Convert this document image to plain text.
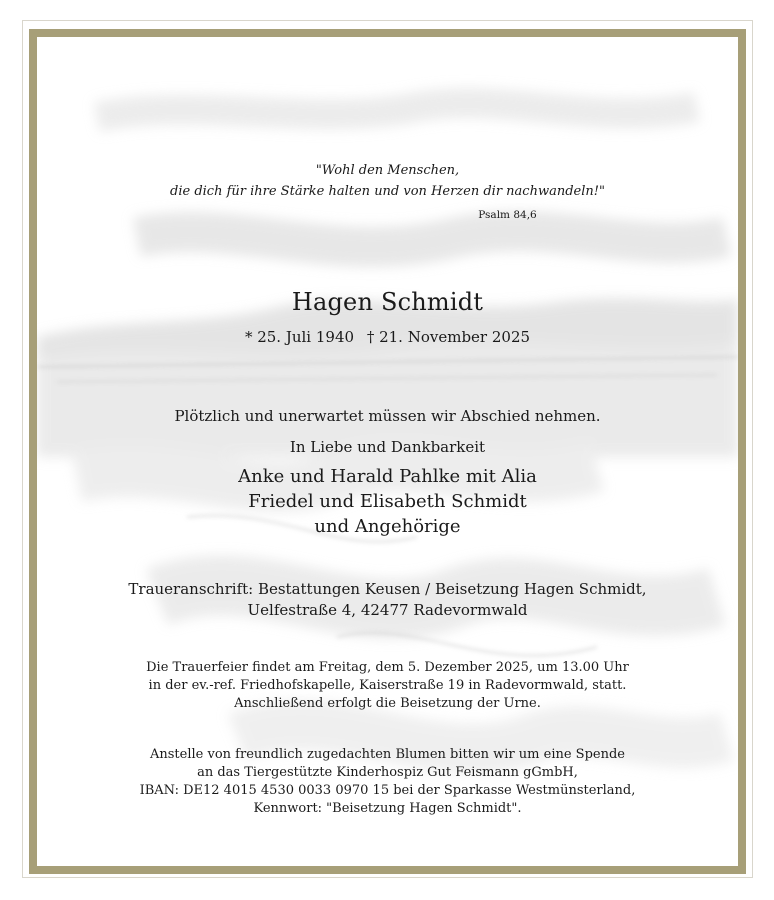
"Wohl den Menschen,
die dich für ihre Stärke halten und von Herzen dir nachwandeln!"
Psalm 84,6
Hagen Schmidt
* 25. Juli 1940 † 21. November 2025
Plötzlich und unerwartet müssen wir Abschied nehmen.
In Liebe und Dankbarkeit
Anke und Harald Pahlke mit Alia
Friedel und Elisabeth Schmidt
und Angehörige
Traueranschrift: Bestattungen Keusen / Beisetzung Hagen Schmidt,
Uelfestraße 4, 42477 Radevormwald
Die Trauerfeier findet am Freitag, dem 5. Dezember 2025, um 13.00 Uhr
in der ev.-ref. Friedhofskapelle, Kaiserstraße 19 in Radevormwald, statt.
Anschließend erfolgt die Beisetzung der Urne.
Anstelle von freundlich zugedachten Blumen bitten wir um eine Spende
an das Tiergestützte Kinderhospiz Gut Feismann gGmbH,
IBAN: DE12 4015 4530 0033 0970 15 bei der Sparkasse Westmünsterland,
Kennwort: "Beisetzung Hagen Schmidt".
